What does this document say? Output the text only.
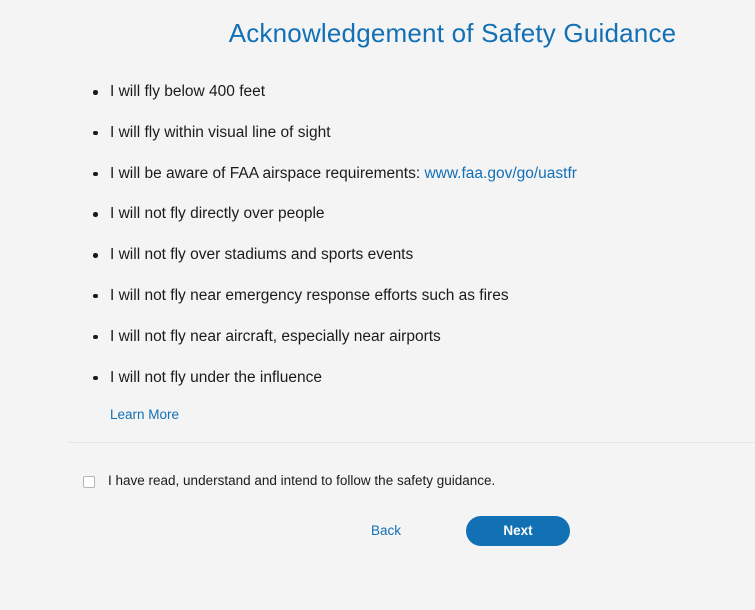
Acknowledgement of Safety Guidance
I will fly below 400 feet
I will fly within visual line of sight
I will be aware of FAA airspace requirements: www.faa.gov/go/uastfr
I will not fly directly over people
I will not fly over stadiums and sports events
I will not fly near emergency response efforts such as fires
I will not fly near aircraft, especially near airports
I will not fly under the influence
Learn More
I have read, understand and intend to follow the safety guidance.
Back	Next
